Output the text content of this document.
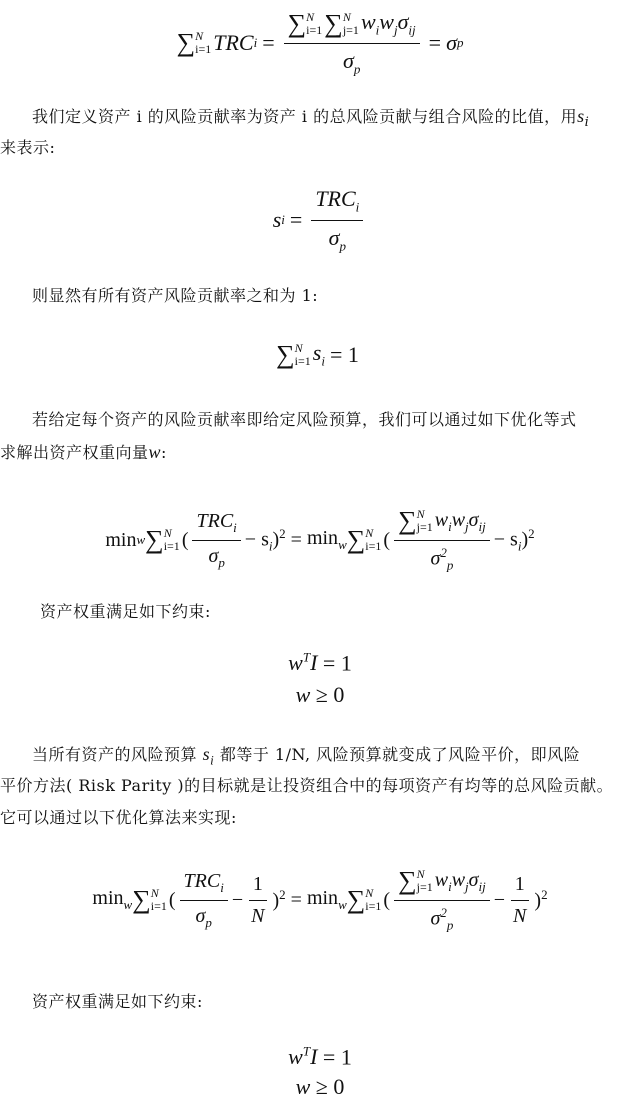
∑ N
i=1 TRC i = ∑ N
i=1 ∑ N
j=1 $w_iw_j\sigma_{ij}$
$\sigma_p = \sigma$ p
我们定义资产 i 的风险贡献率为资产 i 的总风险贡献与组合风险的比值，用$s_i$
来表示:
s $i = \frac{TRC_i}{\sigma_p}$
则显然有所有资产风险贡献率之和为 1:
∑ N
i=1 $s_i = 1$
若给定每个资产的风险贡献率即给定风险预算，我们可以通过如下优化等式
求解出资产权重向量w:
min w ∑ N
i=1 ( $\frac{TRC_i}{\sigma_p} - s_i)^2 = \min_w$ ∑ N
i=1 ( ∑ N
j=1 $w_iw_j\sigma_{ij}$
$\sigma^2_p - s_i)^2$
资产权重满足如下约束:
$w^TI = 1$
w ≥ 0
当所有资产的风险预算 $s_i$ 都等于 1/N, 风险预算就变成了风险平价，即风险
平价方法( Risk Parity )的目标就是让投资组合中的每项资产有均等的总风险贡献。
它可以通过以下优化算法来实现:
$\min_w$ ∑ N
i=1 ( $\frac{TRC_i}{\sigma_p} - \frac{1}{N} )^2 = \min_w$ ∑ N
i=1 ( ∑ N
j=1 $w_iw_j\sigma_{ij}$
$\sigma^2_p - \frac{1}{N} )^2$
资产权重满足如下约束:
$w^TI = 1$
w ≥ 0
